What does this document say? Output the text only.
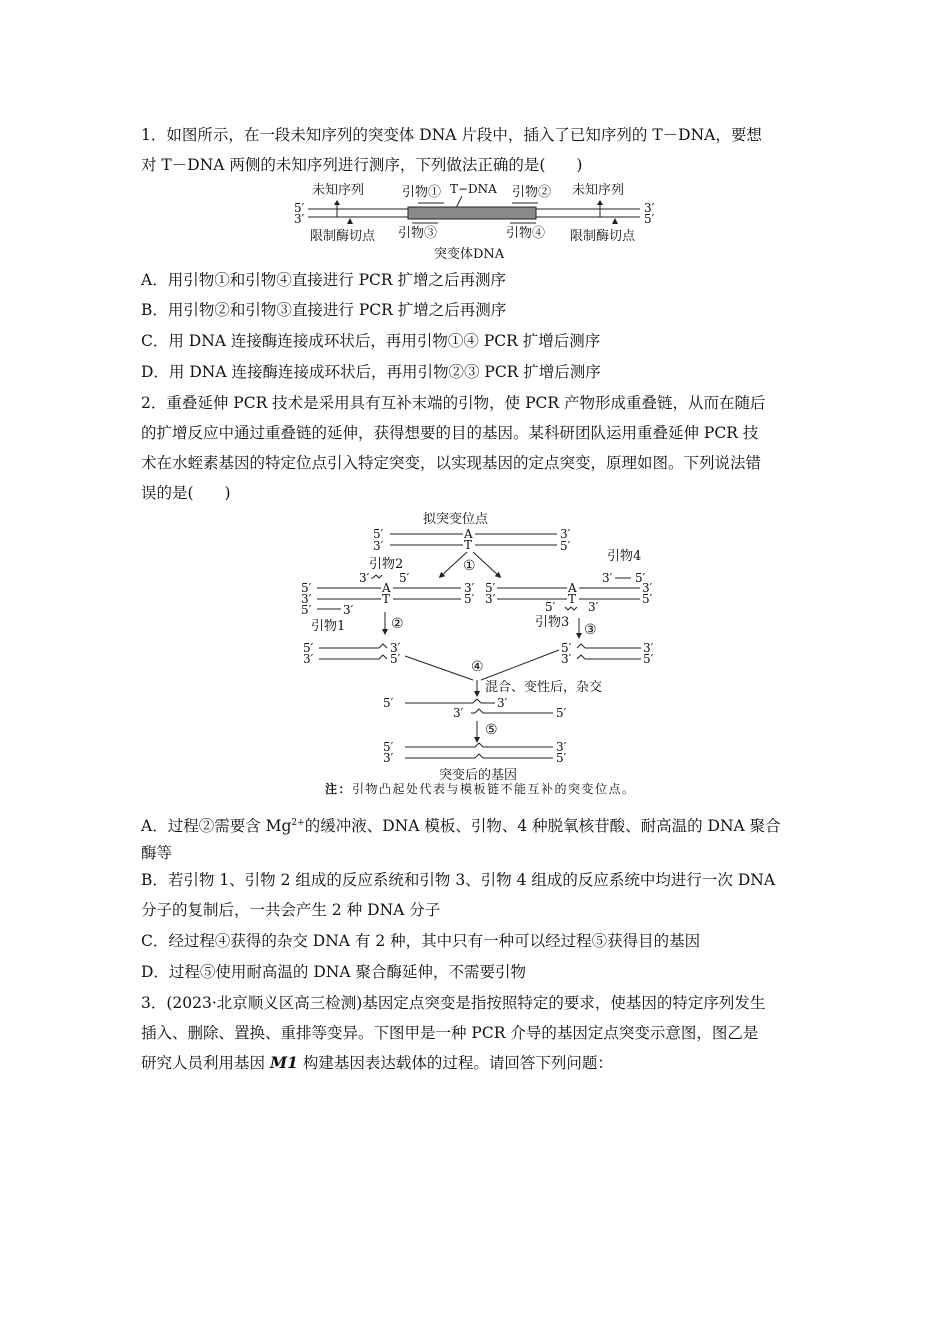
1．如图所示，在一段未知序列的突变体 DNA 片段中，插入了已知序列的 T－DNA，要想
对 T－DNA 两侧的未知序列进行测序，下列做法正确的是(　　)
未知序列	引物① T−DNA 引物② 未知序列
5′
3′
3′
5′
限制酶切点 引物③	引物④ 限制酶切点
突变体DNA
A．用引物①和引物④直接进行 PCR 扩增之后再测序
B．用引物②和引物③直接进行 PCR 扩增之后再测序
C．用 DNA 连接酶连接成环状后，再用引物①④ PCR 扩增后测序
D．用 DNA 连接酶连接成环状后，再用引物②③ PCR 扩增后测序
2．重叠延伸 PCR 技术是采用具有互补末端的引物，使 PCR 产物形成重叠链，从而在随后
的扩增反应中通过重叠链的延伸，获得想要的目的基因。某科研团队运用重叠延伸 PCR 技
术在水蛭素基因的特定位点引入特定突变，以实现基因的定点突变，原理如图。下列说法错
误的是(　　)
拟突变位点
A
T
5′
3′
3′
5′
①
引物2
引物4
3′ 5′	3′ 5′
A
T
A
T
5′
3′
5′	3′
3′
5′
5′
3′
3′
5′
5′	3′
引物1	②	引物3 ③
5′
3′
3′
5′
5′
3′
3′
5′
④
混合、变性后，杂交
5′	3′
3′	5′
⑤
5′
3′
3′
5′
突变后的基因
注：引物凸起处代表与模板链不能互补的突变位点。
A．过程②需要含 $Mg^{2+}$的缓冲液、DNA 模板、引物、4 种脱氧核苷酸、耐高温的 DNA 聚合
酶等
B．若引物 1、引物 2 组成的反应系统和引物 3、引物 4 组成的反应系统中均进行一次 DNA
分子的复制后，一共会产生 2 种 DNA 分子
C．经过程④获得的杂交 DNA 有 2 种，其中只有一种可以经过程⑤获得目的基因
D．过程⑤使用耐高温的 DNA 聚合酶延伸，不需要引物
3．(2023·北京顺义区高三检测)基因定点突变是指按照特定的要求，使基因的特定序列发生
插入、删除、置换、重排等变异。下图甲是一种 PCR 介导的基因定点突变示意图，图乙是
研究人员利用基因 M1 构建基因表达载体的过程。请回答下列问题：
